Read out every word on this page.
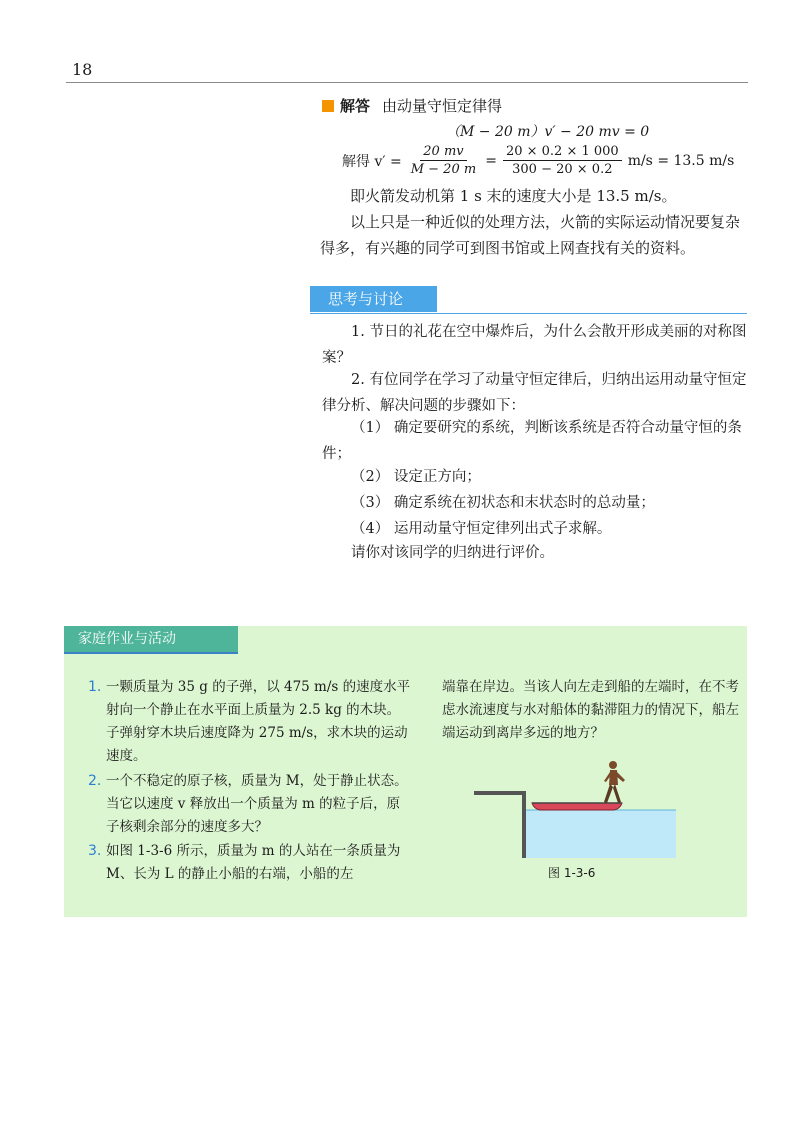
18
解答 由动量守恒定律得
（M − 20 m）v′ − 20 mv = 0
解得 $v' = \frac{20 mv}{M - 20 m} = \frac{20 \times 0.2 \times 1 000}{300 - 20 \times 0.2} m/s = 13.5$ m/s
即火箭发动机第 1 s 末的速度大小是 13.5 m/s。
以上只是一种近似的处理方法，火箭的实际运动情况要复杂得多，有兴趣的同学可到图书馆或上网查找有关的资料。
思考与讨论
1. 节日的礼花在空中爆炸后，为什么会散开形成美丽的对称图案？
2. 有位同学在学习了动量守恒定律后，归纳出运用动量守恒定律分析、解决问题的步骤如下：
（1） 确定要研究的系统，判断该系统是否符合动量守恒的条件；
（2） 设定正方向；
（3） 确定系统在初状态和末状态时的总动量；
（4） 运用动量守恒定律列出式子求解。
请你对该同学的归纳进行评价。
家庭作业与活动
1. 一颗质量为 35 g 的子弹，以 475 m/s 的速度水平射向一个静止在水平面上质量为 2.5 kg 的木块。子弹射穿木块后速度降为 275 m/s，求木块的运动速度。
2. 一个不稳定的原子核，质量为 M，处于静止状态。当它以速度 v 释放出一个质量为 m 的粒子后，原子核剩余部分的速度多大？
3. 如图 1-3-6 所示，质量为 m 的人站在一条质量为 M、长为 L 的静止小船的右端，小船的左
端靠在岸边。当该人向左走到船的左端时，在不考虑水流速度与水对船体的黏滞阻力的情况下，船左端运动到离岸多远的地方？
图 1-3-6
